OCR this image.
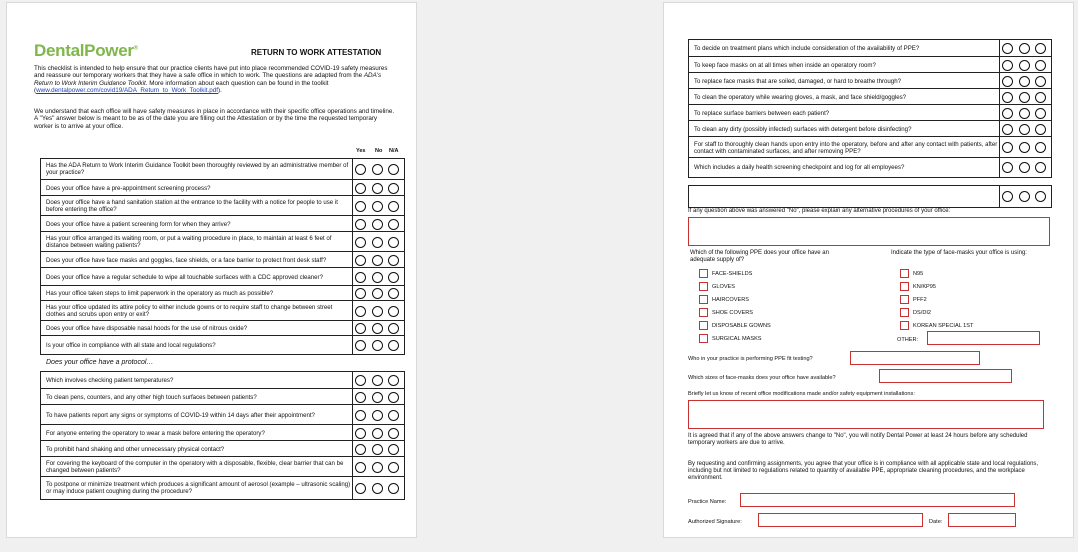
DentalPower®	RETURN TO WORK ATTESTATION
This checklist is intended to help ensure that our practice clients have put into place recommended COVID-19 safety measures and reassure our temporary workers that they have a safe office in which to work. The questions are adapted from the ADA's Return to Work Interim Guidance Toolkit. More information about each question can be found in the toolkit (www.dentalpower.com/covid19/ADA_Return_to_Work_Toolkit.pdf).
We understand that each office will have safety measures in place in accordance with their specific office operations and timeline. A "Yes" answer below is meant to be as of the date you are filling out the Attestation or by the time the requested temporary worker is to arrive at your office.
Yes No N/A
Has the ADA Return to Work Interim Guidance Toolkit been thoroughly reviewed by an administrative member of your practice?
Does your office have a pre-appointment screening process?
Does your office have a hand sanitation station at the entrance to the facility with a notice for people to use it before entering the office?
Does your office have a patient screening form for when they arrive?
Has your office arranged its waiting room, or put a waiting procedure in place, to maintain at least 6 feet of distance between waiting patients?
Does your office have face masks and goggles, face shields, or a face barrier to protect front desk staff?
Does your office have a regular schedule to wipe all touchable surfaces with a CDC approved cleaner?
Has your office taken steps to limit paperwork in the operatory as much as possible?
Has your office updated its attire policy to either include gowns or to require staff to change between street clothes and scrubs upon entry or exit?
Does your office have disposable nasal hoods for the use of nitrous oxide?
Is your office in compliance with all state and local regulations?
Does your office have a protocol…
Which involves checking patient temperatures?
To clean pens, counters, and any other high touch surfaces between patients?
To have patients report any signs or symptoms of COVID-19 within 14 days after their appointment?
For anyone entering the operatory to wear a mask before entering the operatory?
To prohibit hand shaking and other unnecessary physical contact?
For covering the keyboard of the computer in the operatory with a disposable, flexible, clear barrier that can be changed between patients?
To postpone or minimize treatment which produces a significant amount of aerosol (example – ultrasonic scaling) or may induce patient coughing during the procedure?
To decide on treatment plans which include consideration of the availability of PPE?
To keep face masks on at all times when inside an operatory room?
To replace face masks that are soiled, damaged, or hard to breathe through?
To clean the operatory while wearing gloves, a mask, and face shield/goggles?
To replace surface barriers between each patient?
To clean any dirty (possibly infected) surfaces with detergent before disinfecting?
For staff to thoroughly clean hands upon entry into the operatory, before and after any contact with patients, after contact with contaminated surfaces, and after removing PPE?
Which includes a daily health screening checkpoint and log for all employees?
If any question above was answered "No", please explain any alternative procedures of your office:
Which of the following PPE does your office have an adequate supply of?
Indicate the type of face-masks your office is using:
FACE-SHIELDS
GLOVES
HAIRCOVERS
SHOE COVERS
DISPOSABLE GOWNS
SURGICAL MASKS
N95
KN/KP95
PFF2
DS/DI2
KOREAN SPECIAL 1ST
OTHER:
Who in your practice is performing PPE fit testing?
Which sizes of face-masks does your office have available?
Briefly let us know of recent office modifications made and/or safety equipment installations:
It is agreed that if any of the above answers change to "No", you will notify Dental Power at least 24 hours before any scheduled temporary workers are due to arrive.
By requesting and confirming assignments, you agree that your office is in compliance with all applicable state and local regulations, including but not limited to regulations related to quantity of available PPE, appropriate cleaning procedures, and the workplace environment.
Practice Name:
Authorized Signature:	Date:
